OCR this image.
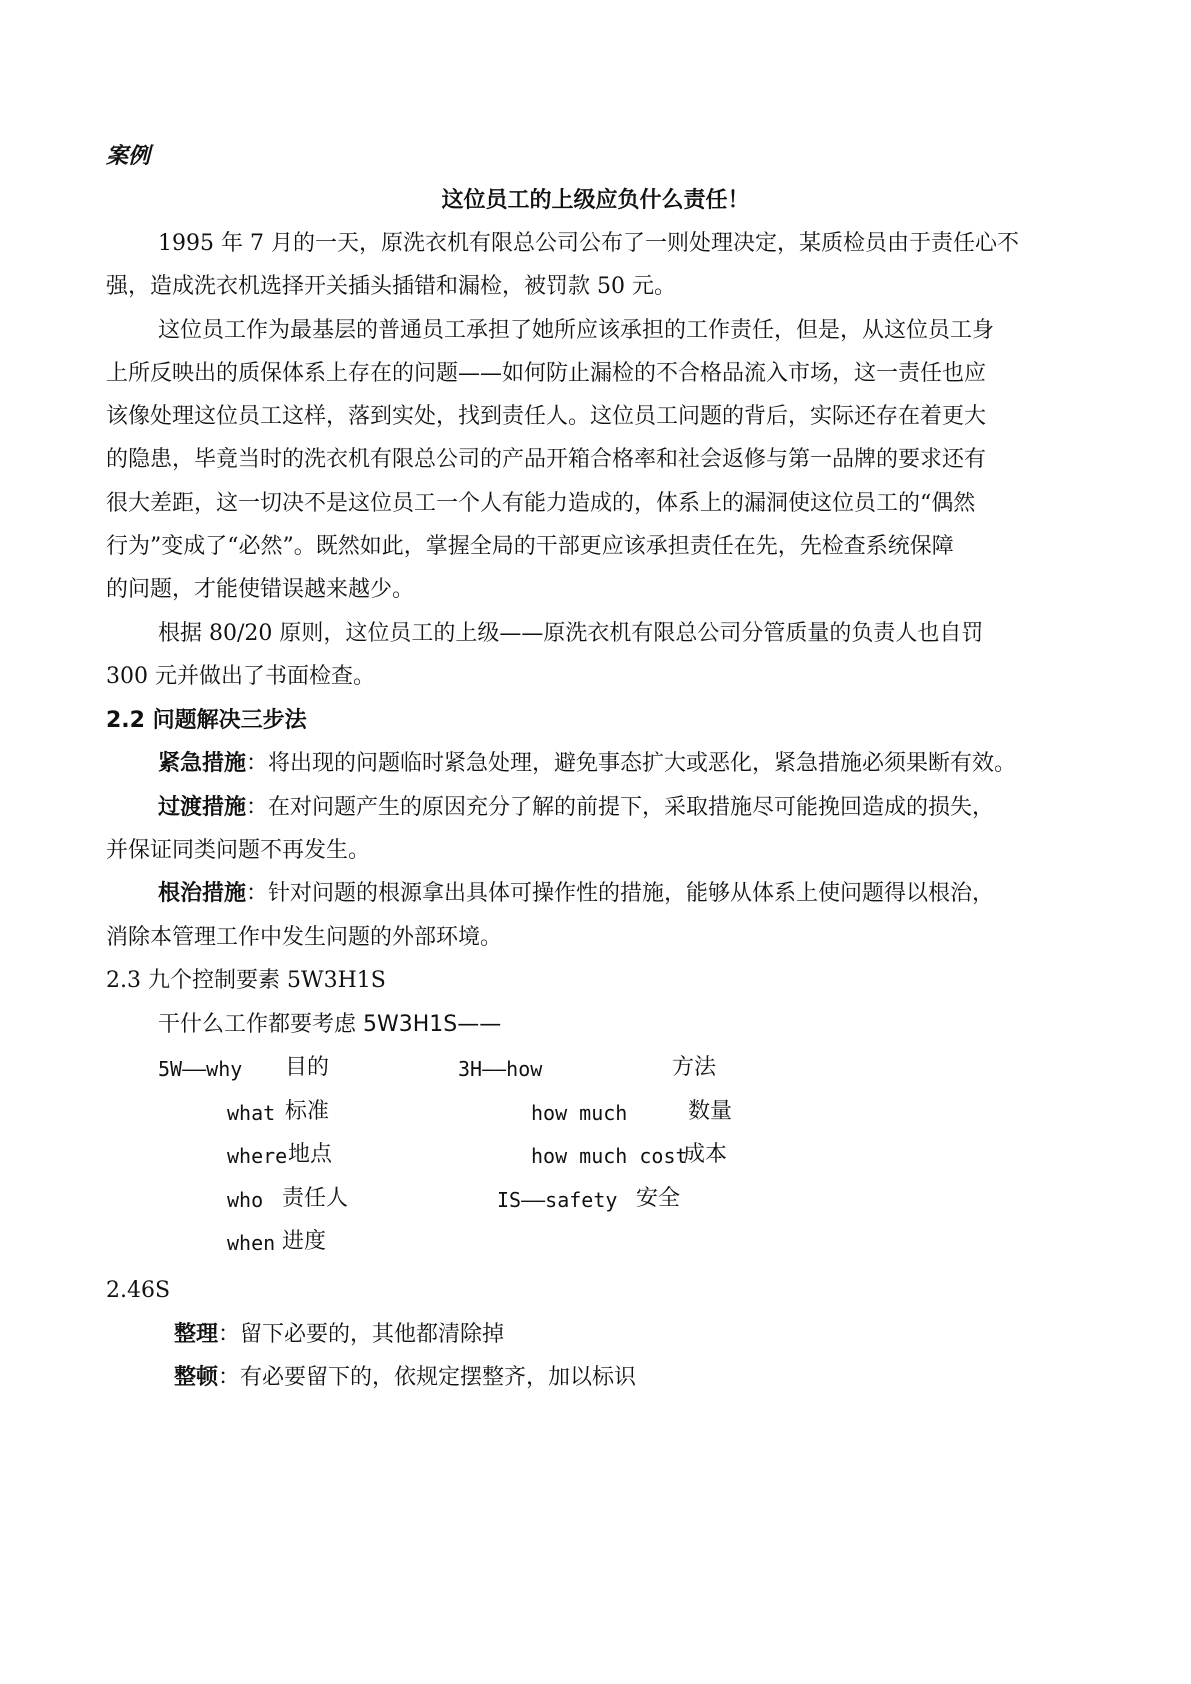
案例
这位员工的上级应负什么责任！
1995 年 7 月的一天，原洗衣机有限总公司公布了一则处理决定，某质检员由于责任心不
强，造成洗衣机选择开关插头插错和漏检，被罚款 50 元。
这位员工作为最基层的普通员工承担了她所应该承担的工作责任，但是，从这位员工身
上所反映出的质保体系上存在的问题——如何防止漏检的不合格品流入市场，这一责任也应
该像处理这位员工这样，落到实处，找到责任人。这位员工问题的背后，实际还存在着更大
的隐患，毕竟当时的洗衣机有限总公司的产品开箱合格率和社会返修与第一品牌的要求还有
很大差距，这一切决不是这位员工一个人有能力造成的，体系上的漏洞使这位员工的“偶然
行为”变成了“必然”。既然如此，掌握全局的干部更应该承担责任在先，先检查系统保障
的问题，才能使错误越来越少。
根据 80/20 原则，这位员工的上级——原洗衣机有限总公司分管质量的负责人也自罚
300 元并做出了书面检查。
2.2 问题解决三步法
紧急措施：将出现的问题临时紧急处理，避免事态扩大或恶化，紧急措施必须果断有效。
过渡措施：在对问题产生的原因充分了解的前提下，采取措施尽可能挽回造成的损失，
并保证同类问题不再发生。
根治措施：针对问题的根源拿出具体可操作性的措施，能够从体系上使问题得以根治，
消除本管理工作中发生问题的外部环境。
2.3 九个控制要素 5W3H1S
干什么工作都要考虑 5W3H1S——
5W——why 目的
what 标准
where 地点
who 责任人
when 进度
3H——how	方法
how much	数量
how much cost
成本
IS——safety 安全
2.46S
整理：留下必要的，其他都清除掉
整顿：有必要留下的，依规定摆整齐，加以标识
